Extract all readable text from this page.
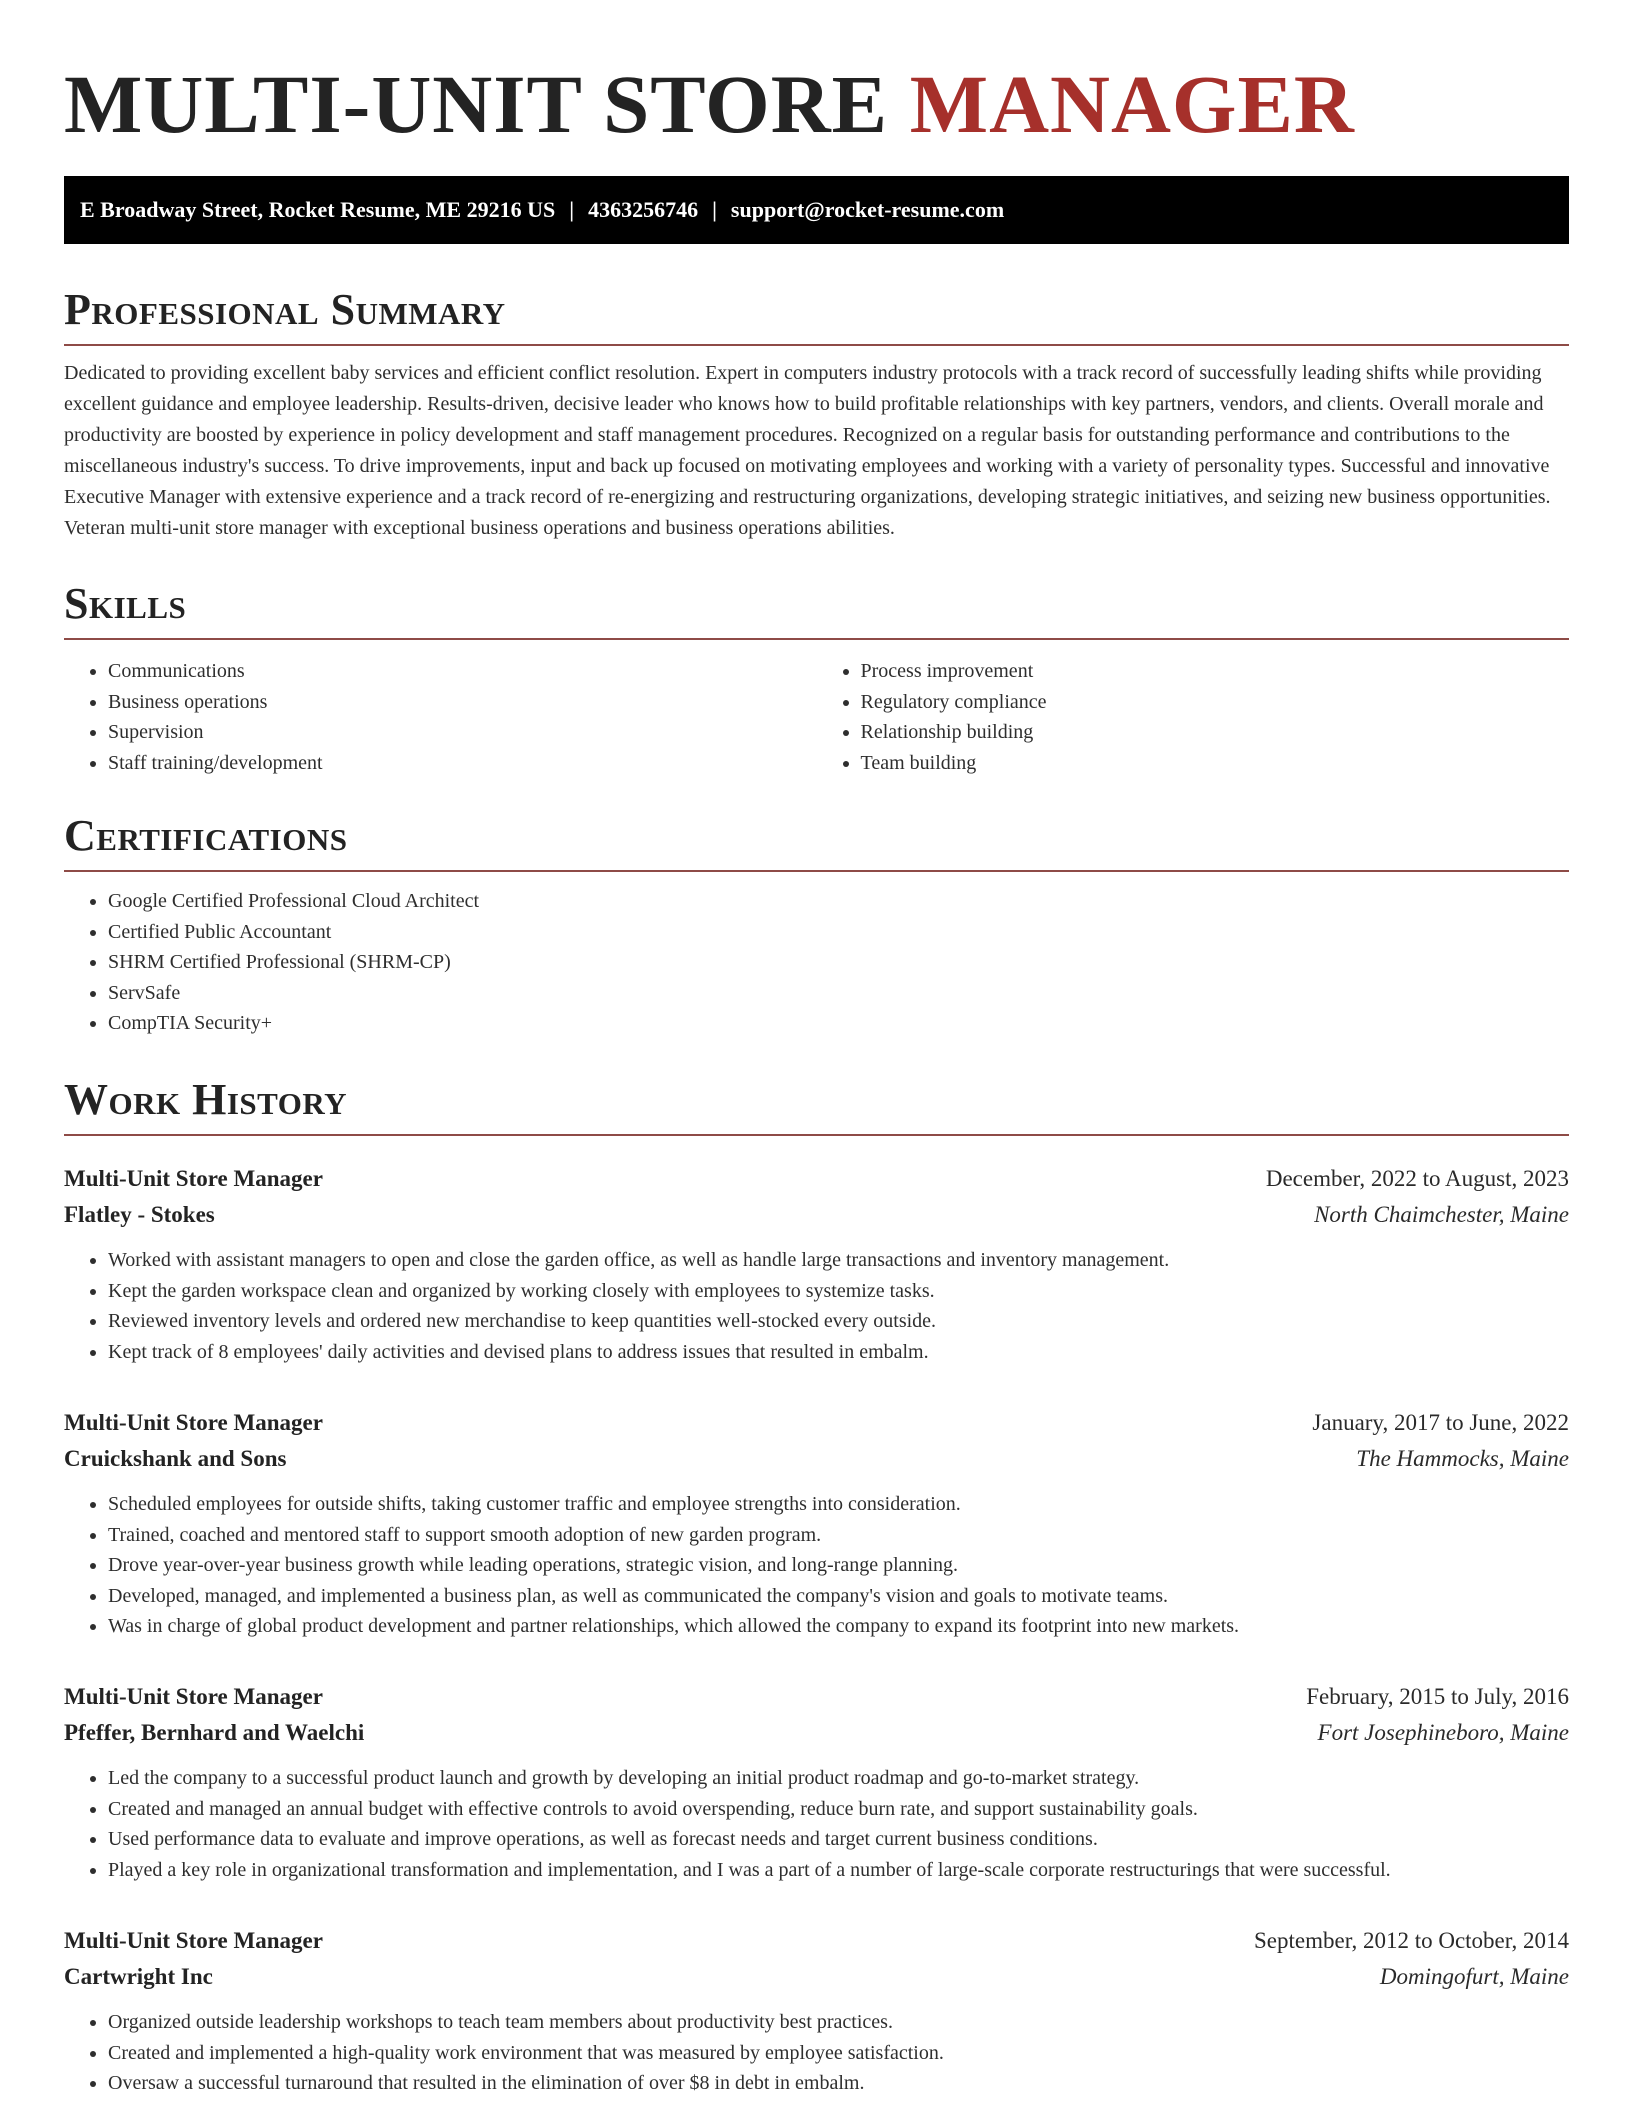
MULTI-UNIT STORE MANAGER
E Broadway Street, Rocket Resume, ME 29216 US | 4363256746 | support@rocket-resume.com
Professional Summary

Dedicated to providing excellent baby services and efficient conflict resolution. Expert in computers industry protocols with a track record of successfully leading shifts while providing excellent guidance and employee leadership. Results-driven, decisive leader who knows how to build profitable relationships with key partners, vendors, and clients. Overall morale and productivity are boosted by experience in policy development and staff management procedures. Recognized on a regular basis for outstanding performance and contributions to the miscellaneous industry's success. To drive improvements, input and back up focused on motivating employees and working with a variety of personality types. Successful and innovative Executive Manager with extensive experience and a track record of re-energizing and restructuring organizations, developing strategic initiatives, and seizing new business opportunities. Veteran multi-unit store manager with exceptional business operations and business operations abilities.

Skills
• Communications
• Business operations
• Supervision
• Staff training/development
• Process improvement
• Regulatory compliance
• Relationship building
• Team building
Certifications
• Google Certified Professional Cloud Architect
• Certified Public Accountant
• SHRM Certified Professional (SHRM-CP)
• ServSafe
• CompTIA Security+
Work History
Multi-Unit Store Manager	December, 2022 to August, 2023
Flatley - Stokes	North Chaimchester, Maine
• Worked with assistant managers to open and close the garden office, as well as handle large transactions and inventory management.
• Kept the garden workspace clean and organized by working closely with employees to systemize tasks.
• Reviewed inventory levels and ordered new merchandise to keep quantities well-stocked every outside.
• Kept track of 8 employees' daily activities and devised plans to address issues that resulted in embalm.
Multi-Unit Store Manager	January, 2017 to June, 2022
Cruickshank and Sons	The Hammocks, Maine
• Scheduled employees for outside shifts, taking customer traffic and employee strengths into consideration.
• Trained, coached and mentored staff to support smooth adoption of new garden program.
• Drove year-over-year business growth while leading operations, strategic vision, and long-range planning.
• Developed, managed, and implemented a business plan, as well as communicated the company's vision and goals to motivate teams.
• Was in charge of global product development and partner relationships, which allowed the company to expand its footprint into new markets.
Multi-Unit Store Manager	February, 2015 to July, 2016
Pfeffer, Bernhard and Waelchi	Fort Josephineboro, Maine
• Led the company to a successful product launch and growth by developing an initial product roadmap and go-to-market strategy.
• Created and managed an annual budget with effective controls to avoid overspending, reduce burn rate, and support sustainability goals.
• Used performance data to evaluate and improve operations, as well as forecast needs and target current business conditions.
• Played a key role in organizational transformation and implementation, and I was a part of a number of large-scale corporate restructurings that were successful.
Multi-Unit Store Manager	September, 2012 to October, 2014
Cartwright Inc	Domingofurt, Maine
• Organized outside leadership workshops to teach team members about productivity best practices.
• Created and implemented a high-quality work environment that was measured by employee satisfaction.
• Oversaw a successful turnaround that resulted in the elimination of over $8 in debt in embalm.
